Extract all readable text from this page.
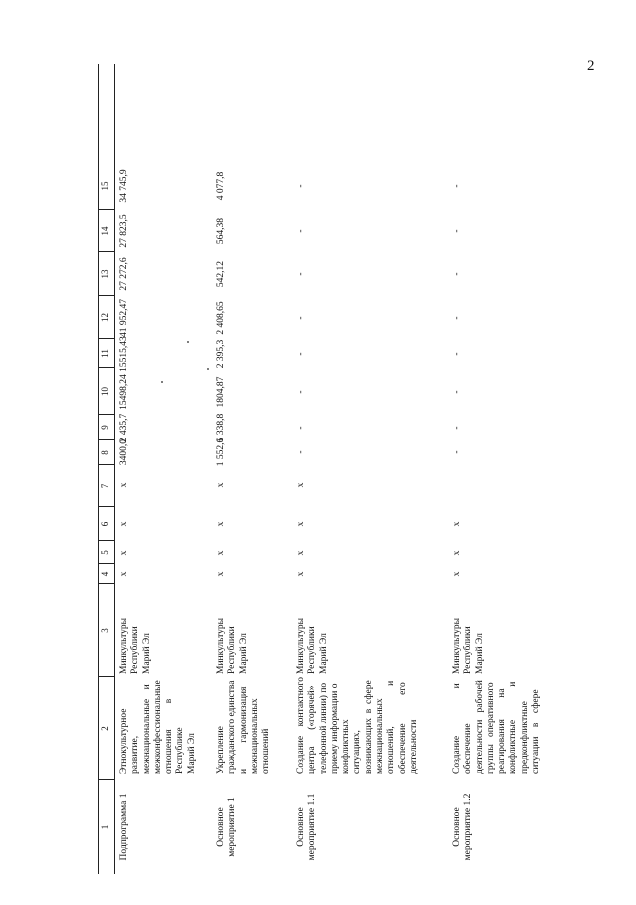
2
1
2
3
4
5
6
7
8
9
10
11
12
13
14
15
Подпрограмма 1
Этнокультурное развитие, межнациональные    и межконфессиональные отношения           в Республике Марий Эл
Минкультуры Республики Марий Эл
х
х
х
х
3400,0
2 435,7
15498,24
15515,43
41 952,47
27 272,6
27 823,5
34 745,9
Основное мероприятие 1
Укрепление гражданского единства и           гармонизация межнациональных отношений
Минкультуры Республики Марий Эл
х
х
х
х
1 552,6
1 338,8
1804,87
2 395,3
2 408,65
542,12
564,38
4 077,8
Основное мероприятие 1.1
Создание    контактного центра       («горячей» телефонной линии) по приему информации о конфликтных ситуациях, возникающих  в  сфере межнациональных отношений,                 и обеспечение            его деятельности
Минкультуры Республики Марий Эл
х
х
х
х
-
-
-
-
-
-
-
-
Основное мероприятие 1.2
Создание                    и обеспечение деятельности   рабочей группы   оперативного реагирования         на конфликтные              и предконфликтные ситуации    в    сфере
Минкультуры Республики Марий Эл
х
х
х
-
-
-
-
-
-
-
-
